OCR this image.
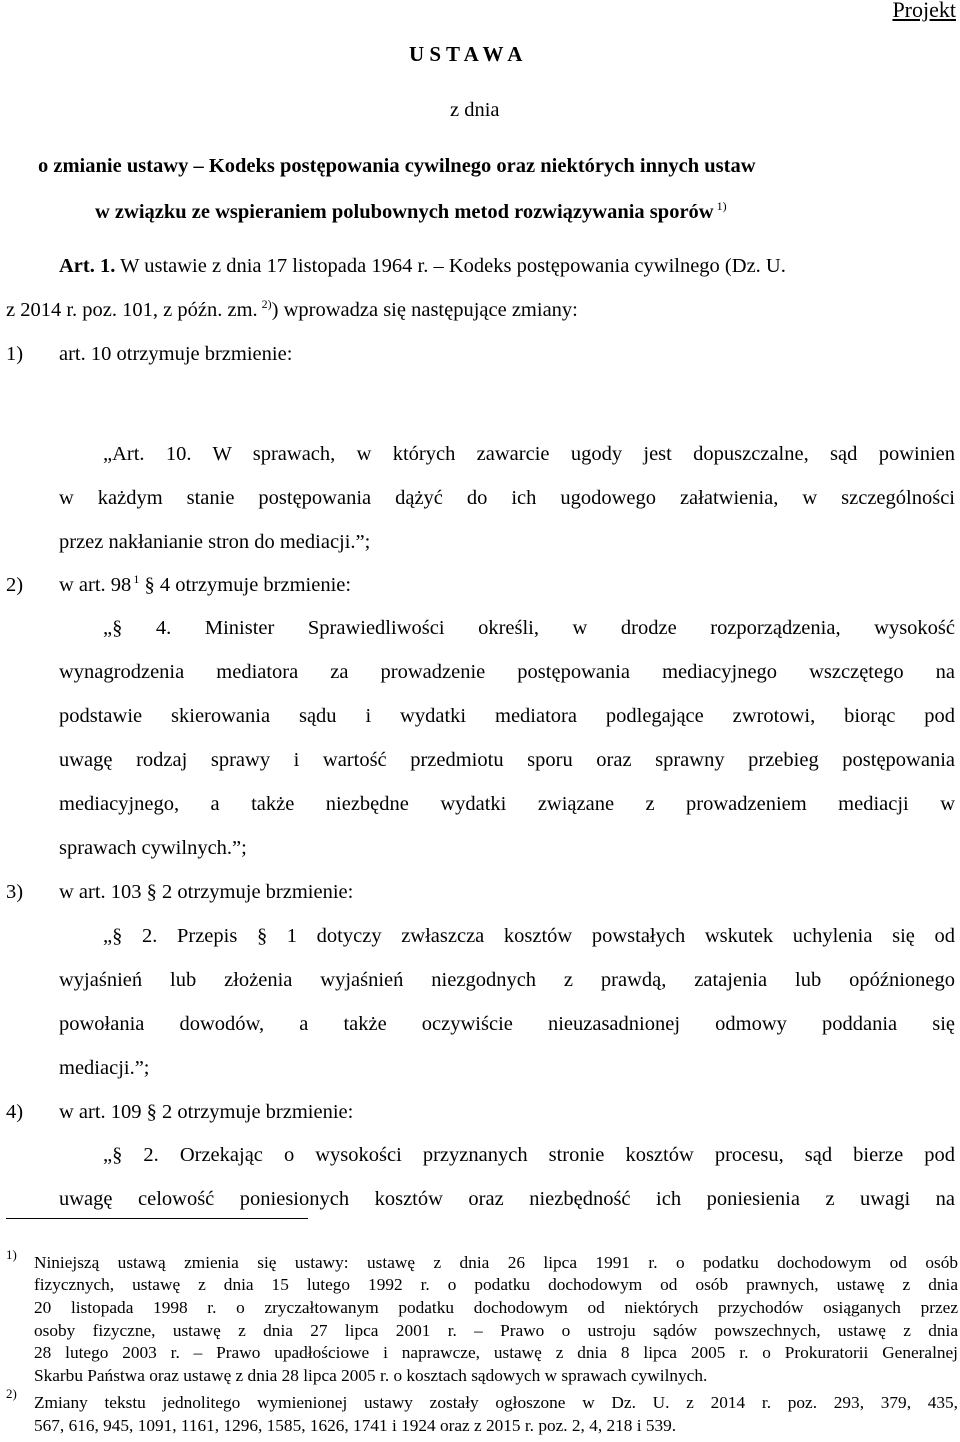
Projekt
U S T A W A
z dnia
o zmianie ustawy – Kodeks postępowania cywilnego oraz niektórych innych ustaw
w związku ze wspieraniem polubownych metod rozwiązywania sporów $^{1)}$
Art. 1. W ustawie z dnia 17 listopada 1964 r. – Kodeks postępowania cywilnego (Dz. U.
z 2014 r. poz. 101, z późn. zm. $^{2)}$) wprowadza się następujące zmiany:
1) art. 10 otrzymuje brzmienie:
„Art. 10. W sprawach, w których zawarcie ugody jest dopuszczalne, sąd powinien
w każdym stanie postępowania dążyć do ich ugodowego załatwienia, w szczególności
przez nakłanianie stron do mediacji.”;
2) w art. 98 $^1$ § 4 otrzymuje brzmienie:
„§ 4. Minister Sprawiedliwości określi, w drodze rozporządzenia, wysokość
wynagrodzenia mediatora za prowadzenie postępowania mediacyjnego wszczętego na
podstawie skierowania sądu i wydatki mediatora podlegające zwrotowi, biorąc pod
uwagę rodzaj sprawy i wartość przedmiotu sporu oraz sprawny przebieg postępowania
mediacyjnego, a także niezbędne wydatki związane z prowadzeniem mediacji w
sprawach cywilnych.”;
3) w art. 103 § 2 otrzymuje brzmienie:
„§ 2. Przepis § 1 dotyczy zwłaszcza kosztów powstałych wskutek uchylenia się od
wyjaśnień lub złożenia wyjaśnień niezgodnych z prawdą, zatajenia lub opóźnionego
powołania dowodów, a także oczywiście nieuzasadnionej odmowy poddania się
mediacji.”;
4) w art. 109 § 2 otrzymuje brzmienie:
„§ 2. Orzekając o wysokości przyznanych stronie kosztów procesu, sąd bierze pod
uwagę celowość poniesionych kosztów oraz niezbędność ich poniesienia z uwagi na
1) Niniejszą ustawą zmienia się ustawy: ustawę z dnia 26 lipca 1991 r. o podatku dochodowym od osób
fizycznych, ustawę z dnia 15 lutego 1992 r. o podatku dochodowym od osób prawnych, ustawę z dnia
20 listopada 1998 r. o zryczałtowanym podatku dochodowym od niektórych przychodów osiąganych przez
osoby fizyczne, ustawę z dnia 27 lipca 2001 r. – Prawo o ustroju sądów powszechnych, ustawę z dnia
28 lutego 2003 r. – Prawo upadłościowe i naprawcze, ustawę z dnia 8 lipca 2005 r. o Prokuratorii Generalnej
Skarbu Państwa oraz ustawę z dnia 28 lipca 2005 r. o kosztach sądowych w sprawach cywilnych.
2) Zmiany tekstu jednolitego wymienionej ustawy zostały ogłoszone w Dz. U. z 2014 r. poz. 293, 379, 435,
567, 616, 945, 1091, 1161, 1296, 1585, 1626, 1741 i 1924 oraz z 2015 r. poz. 2, 4, 218 i 539.
